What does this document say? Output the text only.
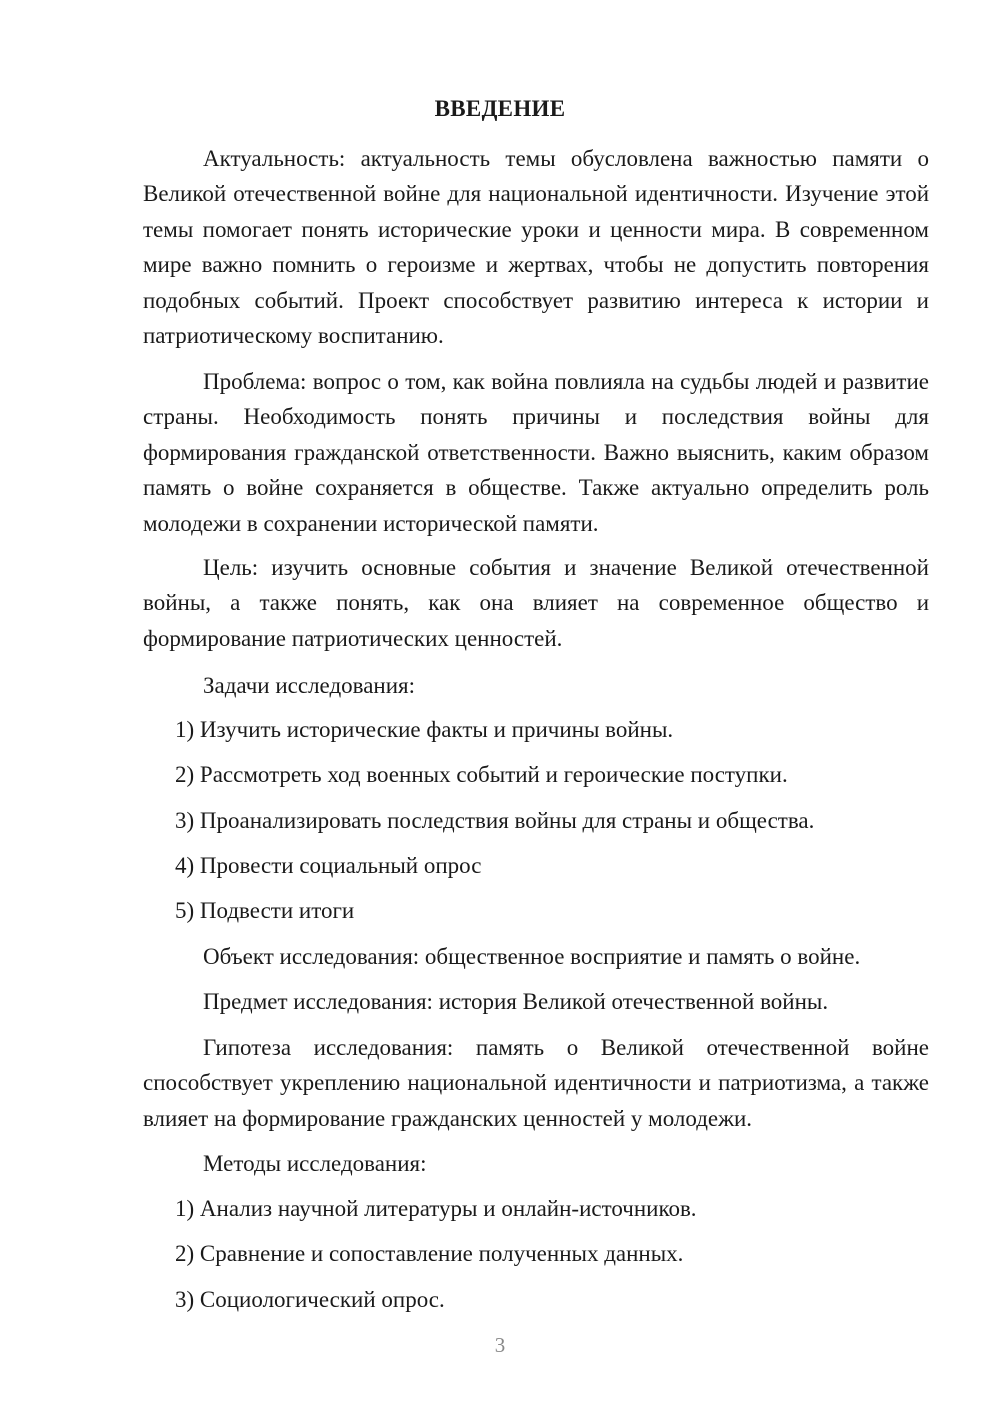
ВВЕДЕНИЕ

Актуальность: актуальность темы обусловлена важностью памяти о Великой отечественной войне для национальной идентичности. Изучение этой темы помогает понять исторические уроки и ценности мира. В современном мире важно помнить о героизме и жертвах, чтобы не допустить повторения подобных событий. Проект способствует развитию интереса к истории и патриотическому воспитанию.

Проблема: вопрос о том, как война повлияла на судьбы людей и развитие страны. Необходимость понять причины и последствия войны для формирования гражданской ответственности. Важно выяснить, каким образом память о войне сохраняется в обществе. Также актуально определить роль молодежи в сохранении исторической памяти.

Цель: изучить основные события и значение Великой отечественной войны, а также понять, как она влияет на современное общество и формирование патриотических ценностей.

Задачи исследования:

1) Изучить исторические факты и причины войны.

2) Рассмотреть ход военных событий и героические поступки.

3) Проанализировать последствия войны для страны и общества.

4) Провести социальный опрос

5) Подвести итоги

Объект исследования: общественное восприятие и память о войне.

Предмет исследования: история Великой отечественной войны.

Гипотеза исследования: память о Великой отечественной войне способствует укреплению национальной идентичности и патриотизма, а также влияет на формирование гражданских ценностей у молодежи.

Методы исследования:

1) Анализ научной литературы и онлайн-источников.

2) Сравнение и сопоставление полученных данных.

3) Социологический опрос.

3
